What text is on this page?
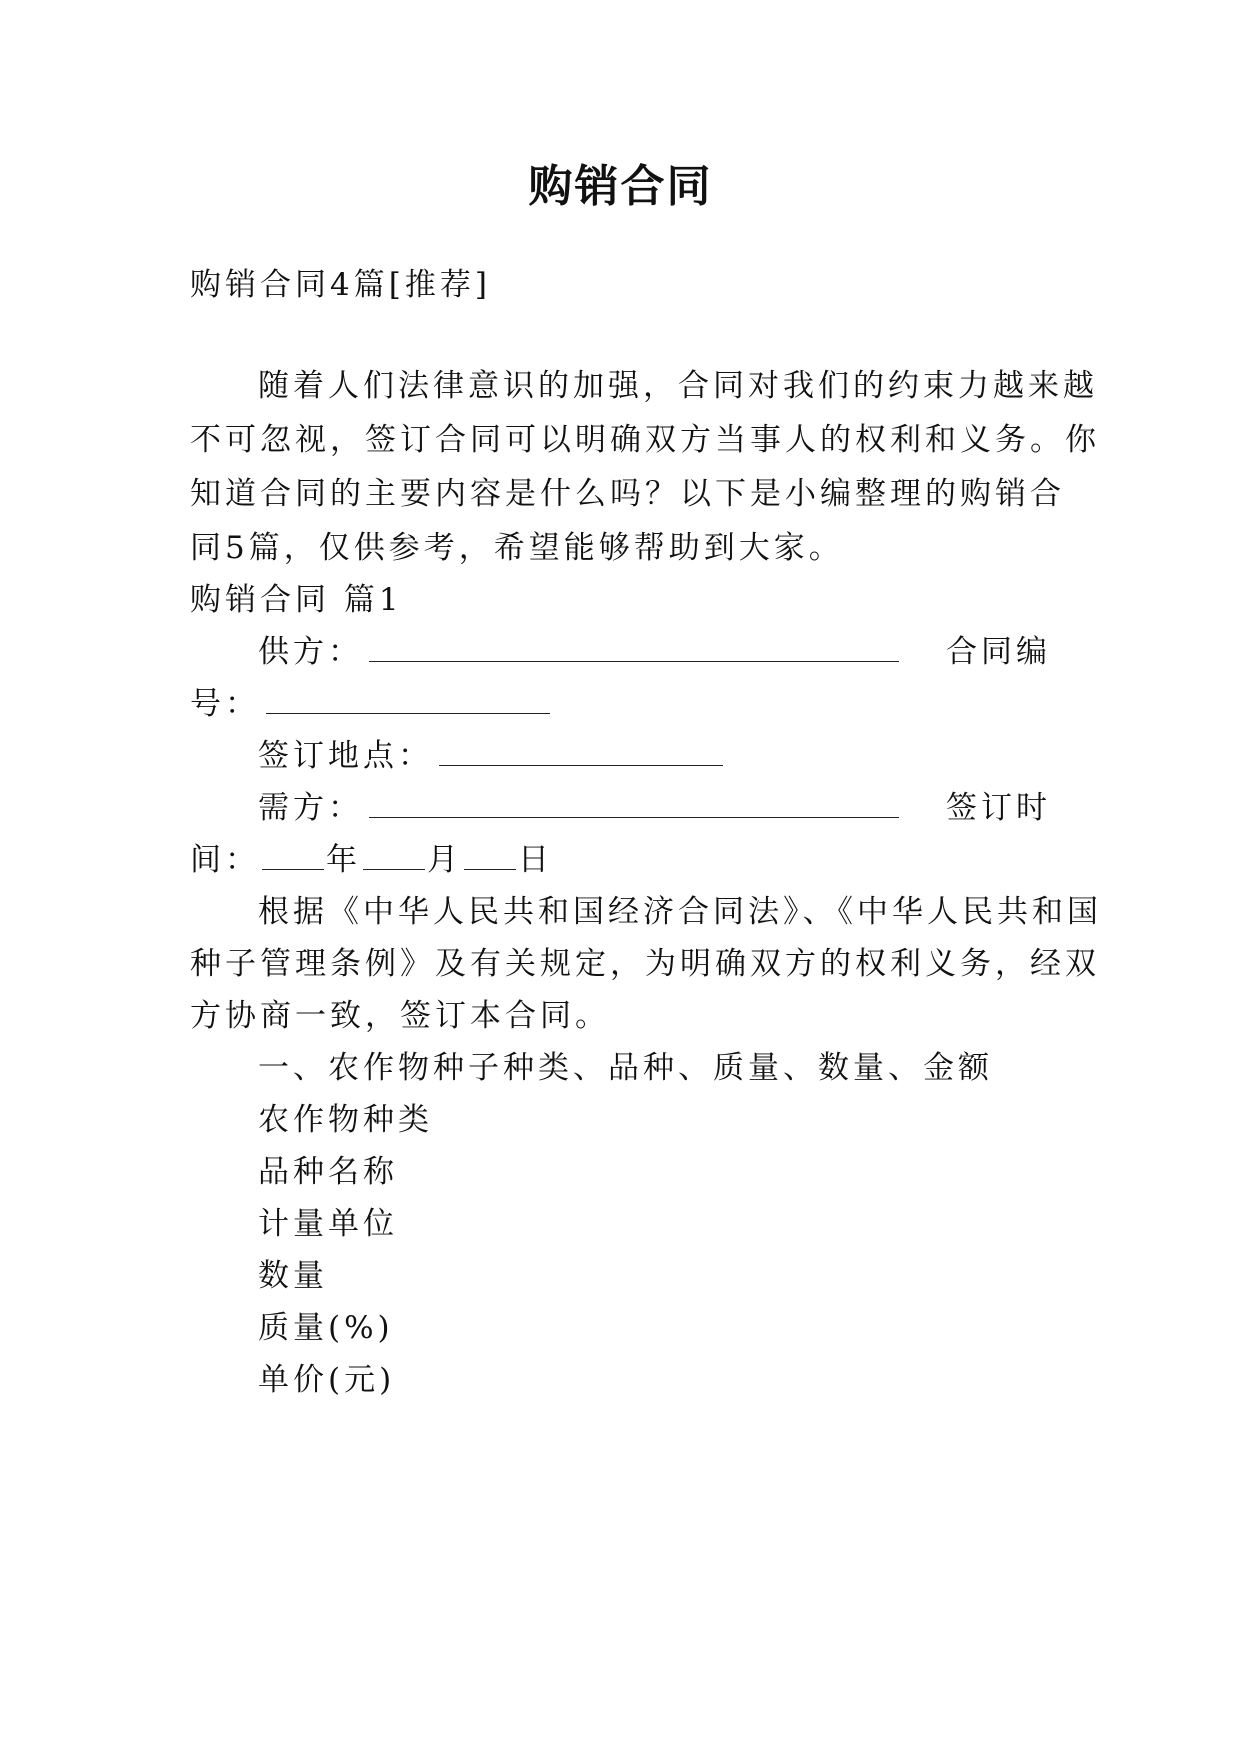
购销合同
购销合同4篇[推荐]
随着人们法律意识的加强，合同对我们的约束力越来越
不可忽视，签订合同可以明确双方当事人的权利和义务。你
知道合同的主要内容是什么吗？以下是小编整理的购销合
同5篇，仅供参考，希望能够帮助到大家。
购销合同 篇1
供方：	合同编
号：
签订地点：
需方：	签订时
间： 年 月 日
根据《中华人民共和国经济合同法》、《中华人民共和国
种子管理条例》及有关规定，为明确双方的权利义务，经双
方协商一致，签订本合同。
一、农作物种子种类、品种、质量、数量、金额
农作物种类
品种名称
计量单位
数量
质量(%)
单价(元)
